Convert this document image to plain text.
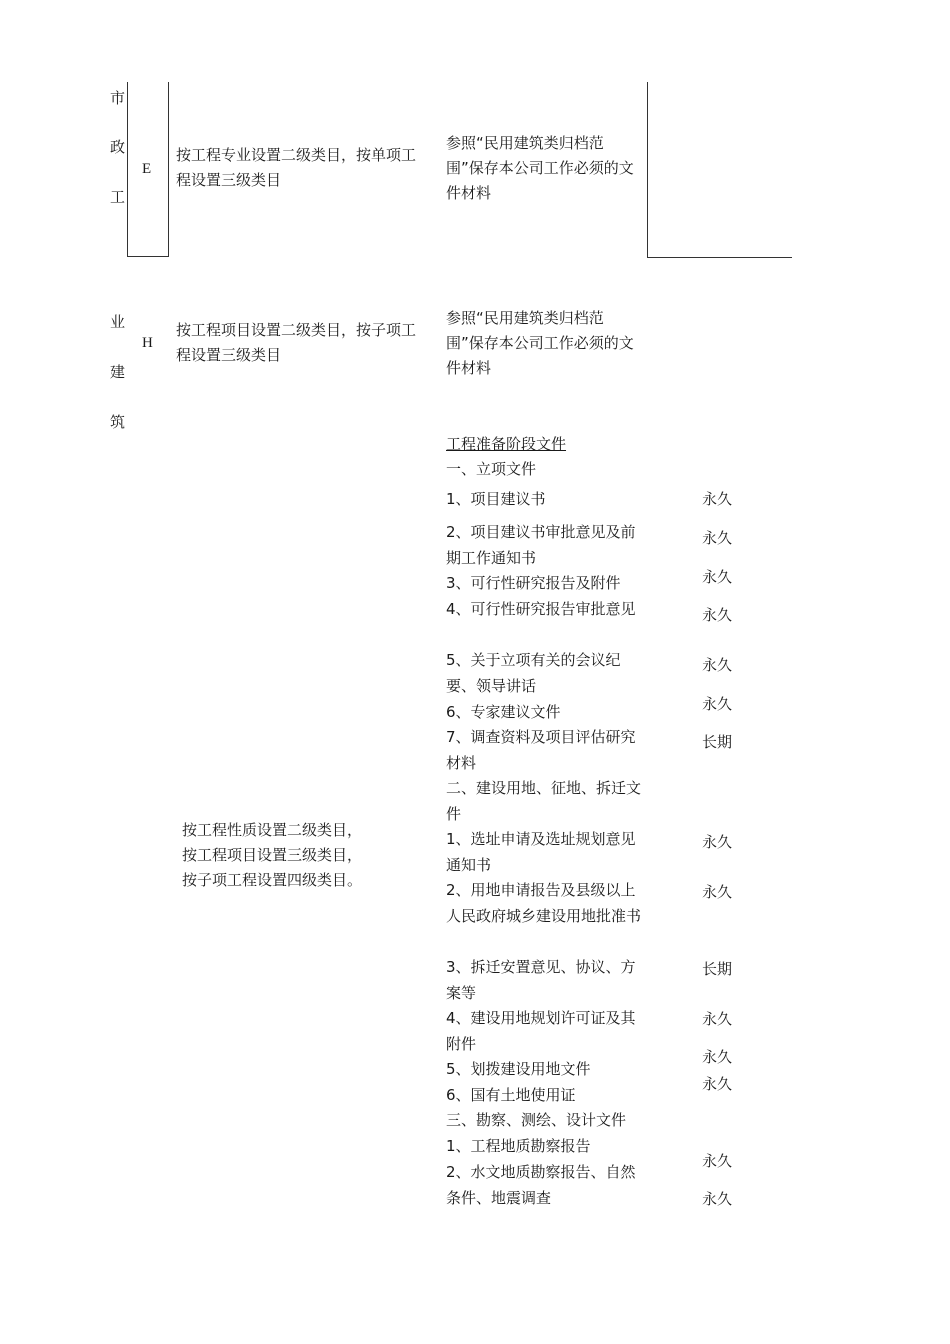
市
政
工
业
建
筑
E
按工程专业设置二级类目，按单项工程设置三级类目
参照“民用建筑类归档范围”保存本公司工作必须的文件材料
H
按工程项目设置二级类目，按子项工程设置三级类目
参照“民用建筑类归档范围”保存本公司工作必须的文件材料
按工程性质设置二级类目，按工程项目设置三级类目，按子项工程设置四级类目。
工程准备阶段文件
一、立项文件
1、项目建议书
2、项目建议书审批意见及前期工作通知书
3、可行性研究报告及附件
4、可行性研究报告审批意见
5、关于立项有关的会议纪要、领导讲话
6、专家建议文件
7、调查资料及项目评估研究材料
二、建设用地、征地、拆迁文件
1、选址申请及选址规划意见通知书
2、用地申请报告及县级以上人民政府城乡建设用地批准书
3、拆迁安置意见、协议、方案等
4、建设用地规划许可证及其附件
5、划拨建设用地文件
6、国有土地使用证
三、勘察、测绘、设计文件
1、工程地质勘察报告
2、水文地质勘察报告、自然条件、地震调查
永久
永久
永久
永久
永久
永久
长期
永久
永久
长期
永久
永久
永久
永久
永久
